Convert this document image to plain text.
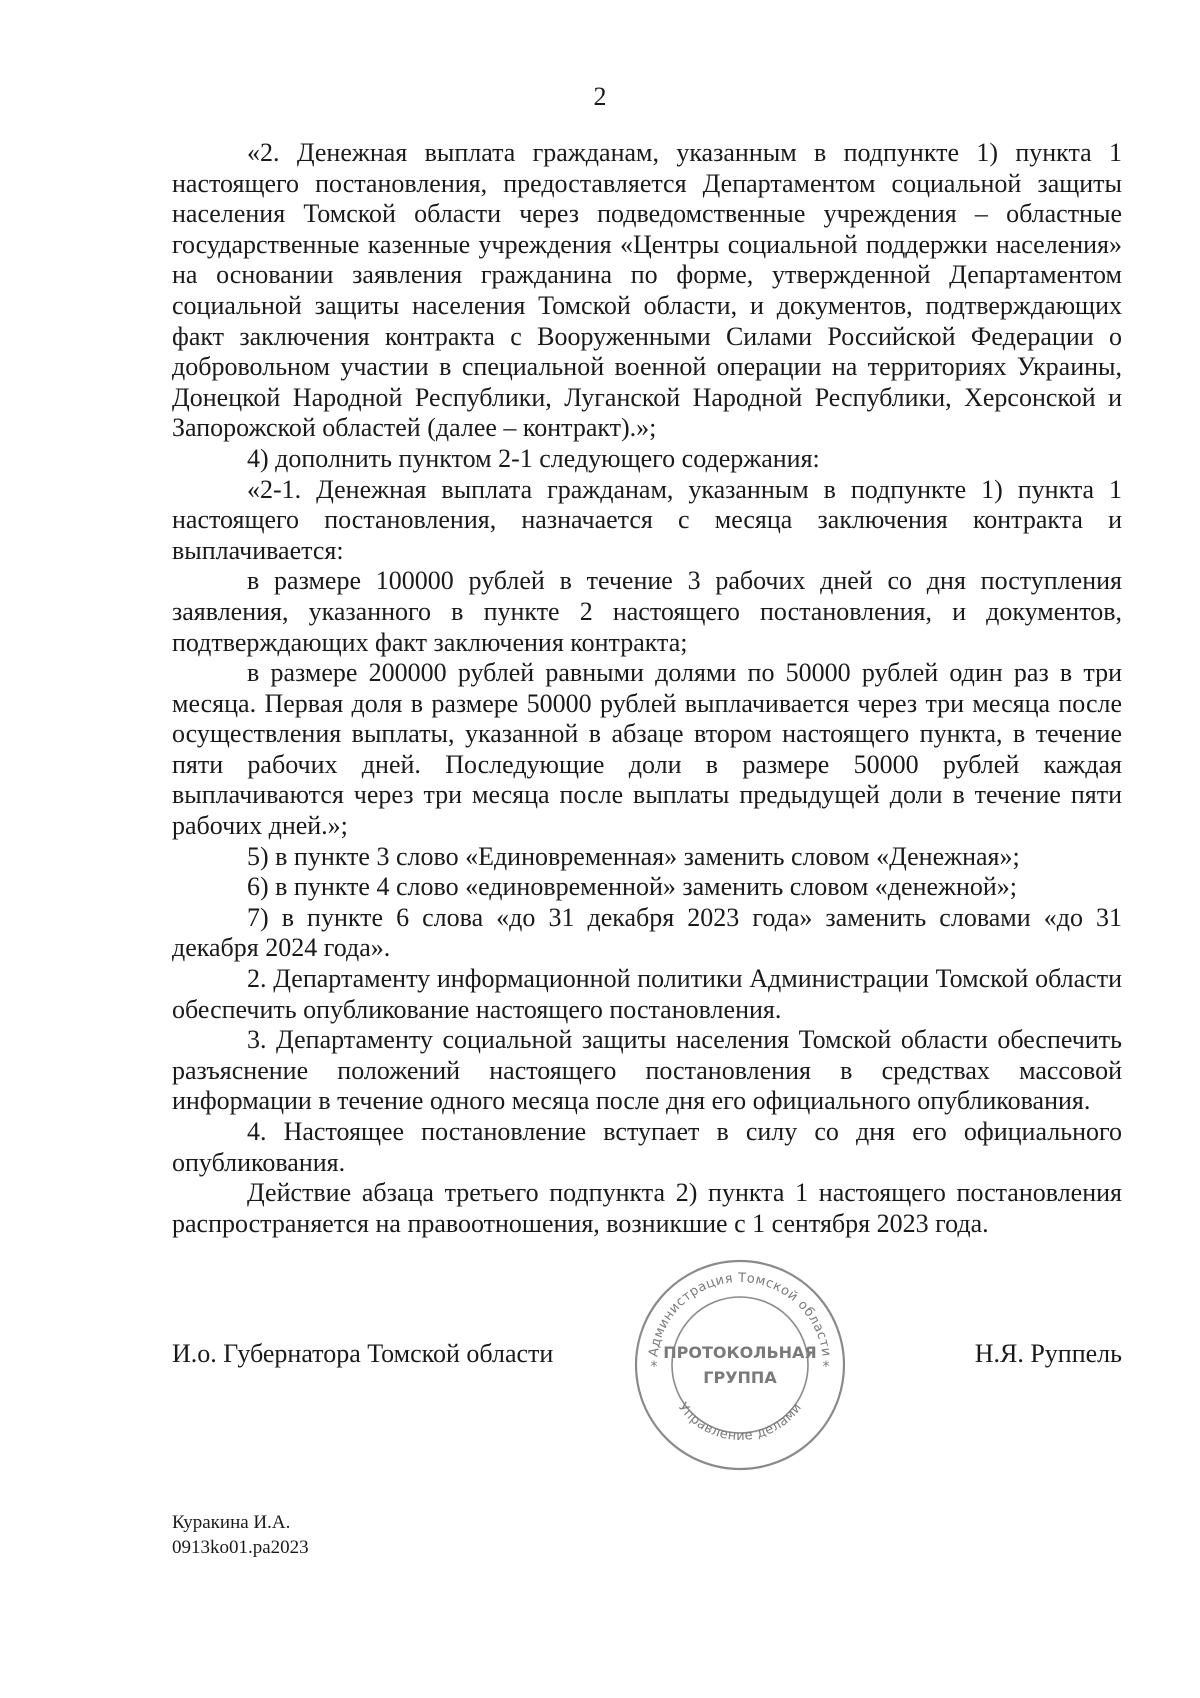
2

«2. Денежная выплата гражданам, указанным в подпункте 1) пункта 1 настоящего постановления, предоставляется Департаментом социальной защиты населения Томской области через подведомственные учреждения – областные государственные казенные учреждения «Центры социальной поддержки населения» на основании заявления гражданина по форме, утвержденной Департаментом социальной защиты населения Томской области, и документов, подтверждающих факт заключения контракта с Вооруженными Силами Российской Федерации о добровольном участии в специальной военной операции на территориях Украины, Донецкой Народной Республики, Луганской Народной Республики, Херсонской и Запорожской областей (далее – контракт).»;

4) дополнить пунктом 2-1 следующего содержания:

«2-1. Денежная выплата гражданам, указанным в подпункте 1) пункта 1 настоящего постановления, назначается с месяца заключения контракта и выплачивается:

в размере 100000 рублей в течение 3 рабочих дней со дня поступления заявления, указанного в пункте 2 настоящего постановления, и документов, подтверждающих факт заключения контракта;

в размере 200000 рублей равными долями по 50000 рублей один раз в три месяца. Первая доля в размере 50000 рублей выплачивается через три месяца после осуществления выплаты, указанной в абзаце втором настоящего пункта, в течение пяти рабочих дней. Последующие доли в размере 50000 рублей каждая выплачиваются через три месяца после выплаты предыдущей доли в течение пяти рабочих дней.»;

5) в пункте 3 слово «Единовременная» заменить словом «Денежная»;

6) в пункте 4 слово «единовременной» заменить словом «денежной»;

7) в пункте 6 слова «до 31 декабря 2023 года» заменить словами «до 31 декабря 2024 года».

2. Департаменту информационной политики Администрации Томской области обеспечить опубликование настоящего постановления.

3. Департаменту социальной защиты населения Томской области обеспечить разъяснение положений настоящего постановления в средствах массовой информации в течение одного месяца после дня его официального опубликования.

4. Настоящее постановление вступает в силу со дня его официального опубликования.

Действие абзаца третьего подпункта 2) пункта 1 настоящего постановления распространяется на правоотношения, возникшие с 1 сентября 2023 года.

И.о. Губернатора Томской области	Администрация Томской области
Управление делами
ПРОТОКОЛЬНАЯ
ГРУППА
*	*	Н.Я. Руппель
Куракина И.А.
0913ko01.pa2023
